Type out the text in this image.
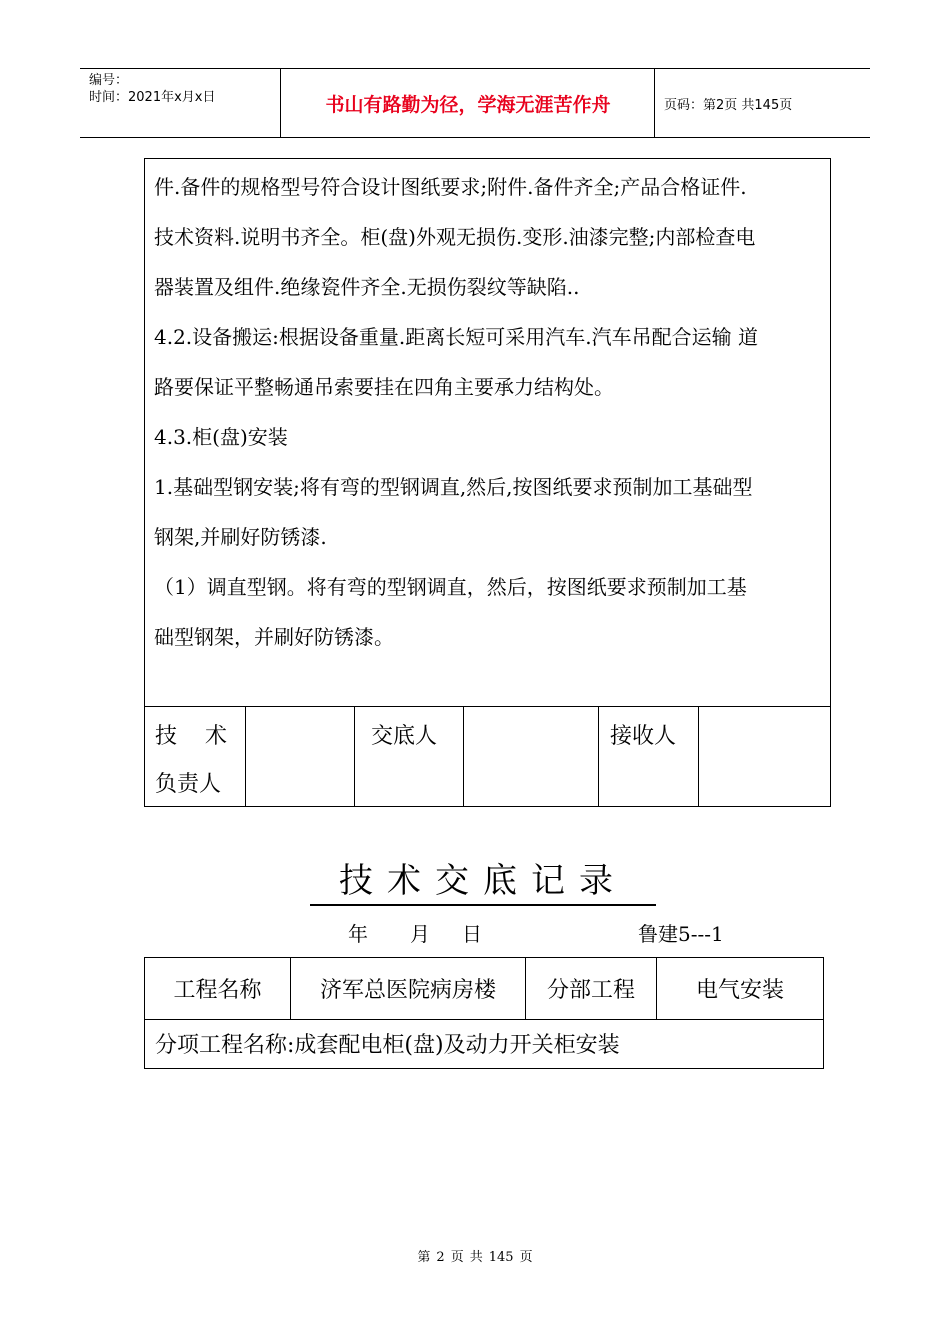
编号：
时间：2021年x月x日	书山有路勤为径，学海无涯苦作舟	页码：第2页 共145页

件.备件的规格型号符合设计图纸要求;附件.备件齐全;产品合格证件.

技术资料.说明书齐全。柜(盘)外观无损伤.变形.油漆完整;内部检查电

器装置及组件.绝缘瓷件齐全.无损伤裂纹等缺陷..

4.2.设备搬运:根据设备重量.距离长短可采用汽车.汽车吊配合运输 道

路要保证平整畅通吊索要挂在四角主要承力结构处。

4.3.柜(盘)安装

1.基础型钢安装;将有弯的型钢调直,然后,按图纸要求预制加工基础型

钢架,并刷好防锈漆.

（1）调直型钢。将有弯的型钢调直，然后，按图纸要求预制加工基

础型钢架，并刷好防锈漆。

技 术
负责人
交底人	接收人
技术交底记录
年 月 日	鲁建5---1
工程名称	济军总医院病房楼	分部工程	电气安装
分项工程名称:成套配电柜(盘)及动力开关柜安装
第 2 页 共 145 页
